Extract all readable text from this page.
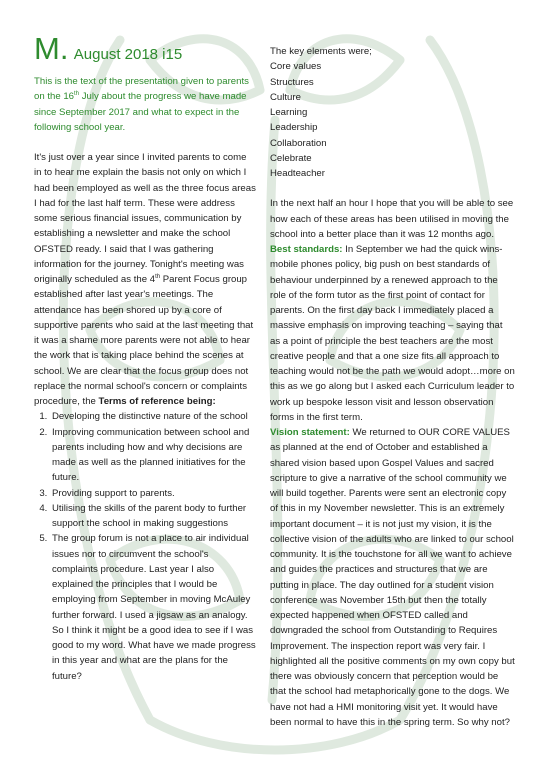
M. August 2018 i15

This is the text of the presentation given to parents on the 16th July about the progress we have made since September 2017 and what to expect in the following school year.

It's just over a year since I invited parents to come in to hear me explain the basis not only on which I had been employed as well as the three focus areas I had for the last half term. These were address some serious financial issues, communication by establishing a newsletter and make the school OFSTED ready. I said that I was gathering information for the journey. Tonight's meeting was originally scheduled as the 4th Parent Focus group established after last year's meetings. The attendance has been shored up by a core of supportive parents who said at the last meeting that it was a shame more parents were not able to hear the work that is taking place behind the scenes at school. We are clear that the focus group does not replace the normal school's concern or complaints procedure, the Terms of reference being:

1. Developing the distinctive nature of the school
2. Improving communication between school and parents including how and why decisions are made as well as the planned initiatives for the future.
3. Providing support to parents.
4. Utilising the skills of the parent body to further support the school in making suggestions
5. The group forum is not a place to air individual issues nor to circumvent the school's complaints procedure. Last year I also explained the principles that I would be employing from September in moving McAuley further forward. I used a jigsaw as an analogy. So I think it might be a good idea to see if I was good to my word. What have we made progress in this year and what are the plans for the future?
The key elements were;
Core values
Structures
Culture
Learning
Leadership
Collaboration
Celebrate
Headteacher

In the next half an hour I hope that you will be able to see how each of these areas has been utilised in moving the school into a better place than it was 12 months ago.

Best standards: In September we had the quick wins- mobile phones policy, big push on best standards of behaviour underpinned by a renewed approach to the role of the form tutor as the first point of contact for parents. On the first day back I immediately placed a massive emphasis on improving teaching – saying that as a point of principle the best teachers are the most creative people and that a one size fits all approach to teaching would not be the path we would adopt…more on this as we go along but I asked each Curriculum leader to work up bespoke lesson visit and lesson observation forms in the first term.

Vision statement: We returned to OUR CORE VALUES as planned at the end of October and established a shared vision based upon Gospel Values and sacred scripture to give a narrative of the school community we will build together. Parents were sent an electronic copy of this in my November newsletter. This is an extremely important document – it is not just my vision, it is the collective vision of the adults who are linked to our school community. It is the touchstone for all we want to achieve and guides the practices and structures that we are putting in place. The day outlined for a student vision conference was November 15th but then the totally expected happened when OFSTED called and downgraded the school from Outstanding to Requires Improvement. The inspection report was very fair. I highlighted all the positive comments on my own copy but there was obviously concern that perception would be that the school had metaphorically gone to the dogs. We have not had a HMI monitoring visit yet. It would have been normal to have this in the spring term. So why not?
